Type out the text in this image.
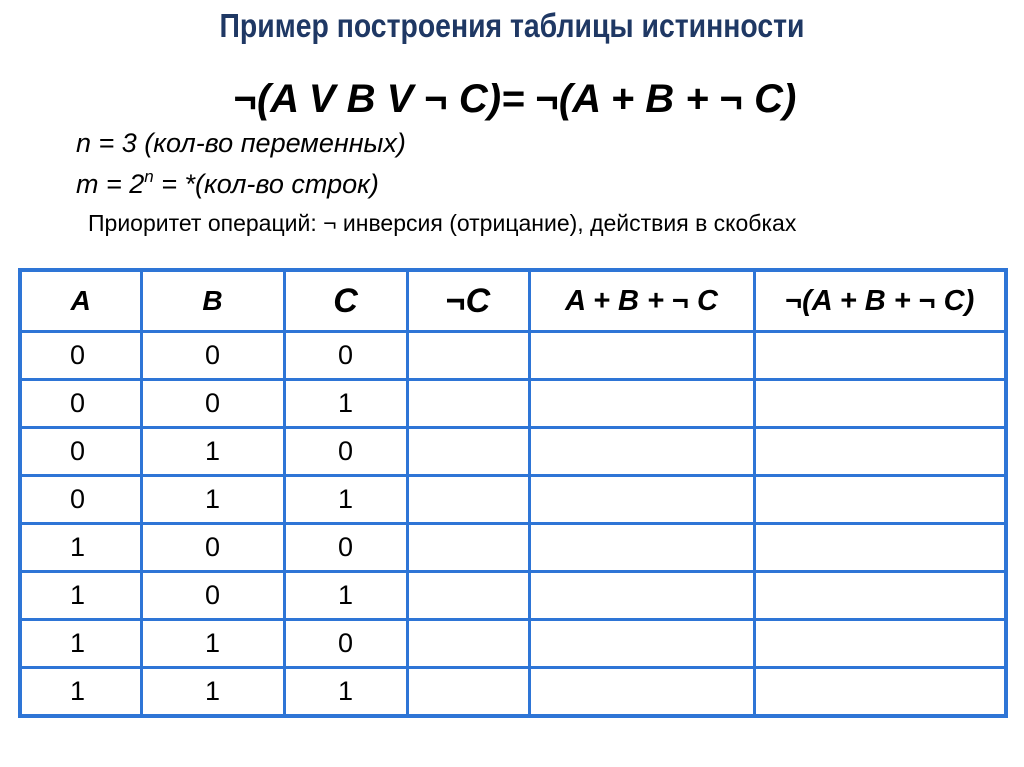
Пример построения таблицы истинности
¬(A V B V ¬ C)= ¬(A + B + ¬ C)
n = 3 (кол-во переменных)
$m = 2^n = *(кол-во$ строк)
Приоритет операций: ¬ инверсия (отрицание), действия в скобках
A	B	C	¬C	A + B + ¬ C	¬(A + B + ¬ C)
0	0	0			
0	0	1			
0	1	0			
0	1	1			
1	0	0			
1	0	1			
1	1	0			
1	1	1			
